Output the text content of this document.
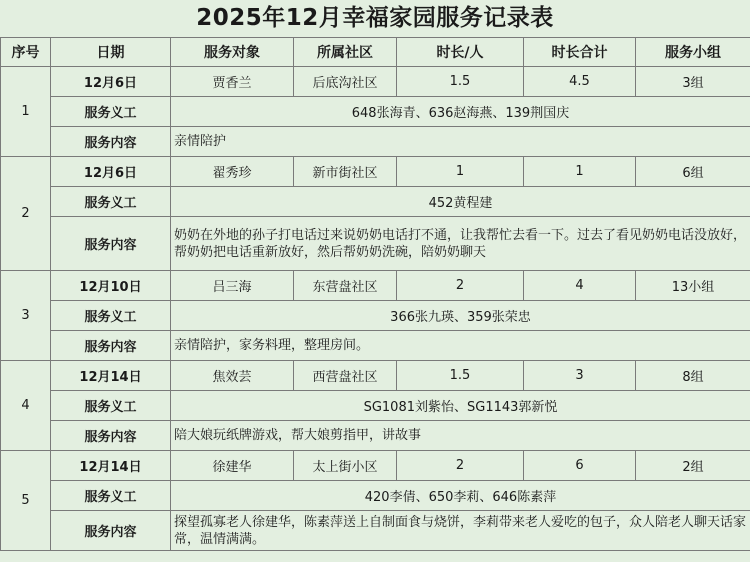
2025年12月幸福家园服务记录表
序号	日期	服务对象	所属社区	时长/人	时长合计	服务小组
1	12月6日	贾香兰	后底沟社区	1.5	4.5	3组
	服务义工	648张海青、636赵海燕、139荆国庆				
	服务内容	亲情陪护				
2	12月6日	翟秀珍	新市街社区	1	1	6组
	服务义工	452黄程建				
	服务内容	奶奶在外地的孙子打电话过来说奶奶电话打不通，让我帮忙去看一下。过去了看见奶奶电话没放好，帮奶奶把电话重新放好，然后帮奶奶洗碗，陪奶奶聊天				
3	12月10日	吕三海	东营盘社区	2	4	13小组
	服务义工	366张九瑛、359张荣忠				
	服务内容	亲情陪护，家务料理，整理房间。				
4	12月14日	焦效芸	西营盘社区	1.5	3	8组
	服务义工	SG1081刘紫怡、SG1143郭新悦				
	服务内容	陪大娘玩纸牌游戏，帮大娘剪指甲，讲故事				
5	12月14日	徐建华	太上街小区	2	6	2组
	服务义工	420李倩、650李莉、646陈素萍				
	服务内容	探望孤寡老人徐建华，陈素萍送上自制面食与烧饼，李莉带来老人爱吃的包子，众人陪老人聊天话家常，温情满满。				
